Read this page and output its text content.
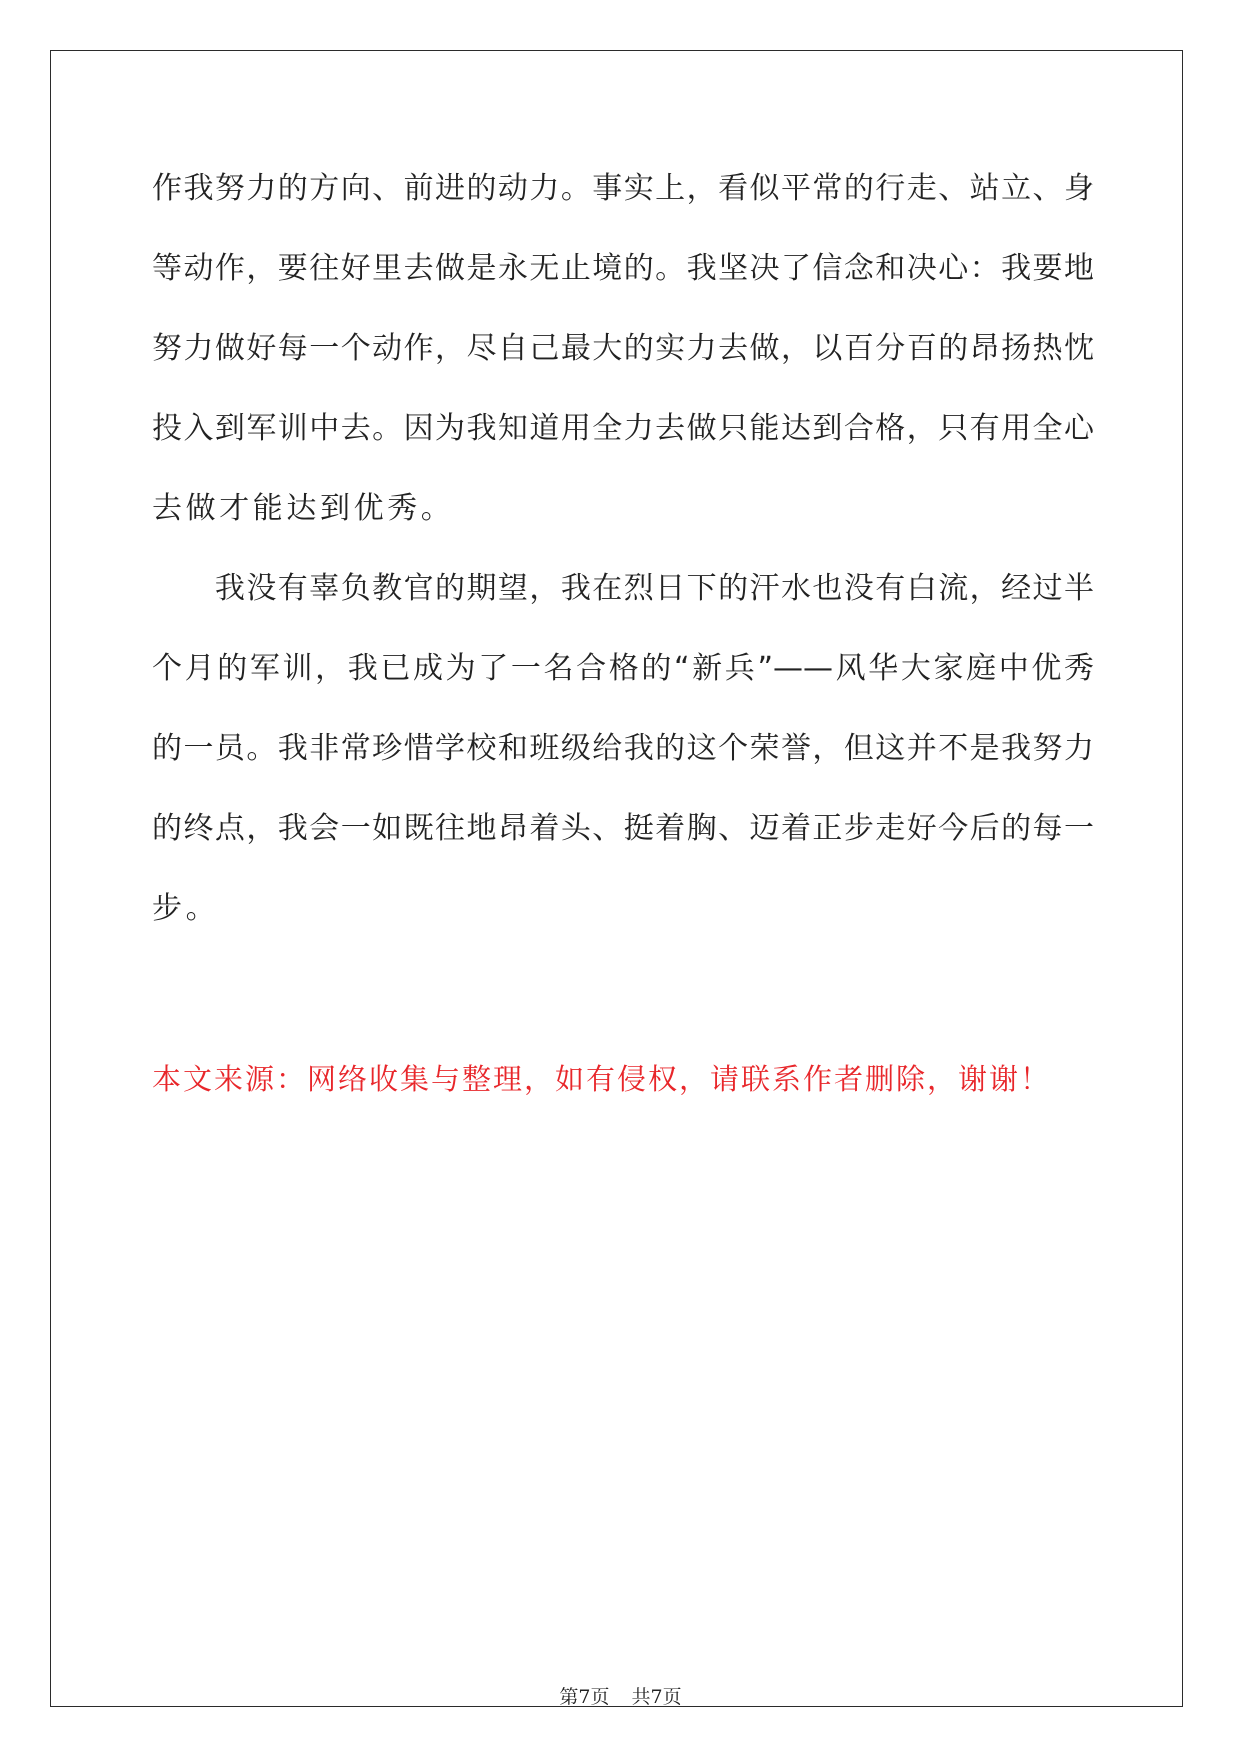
作我努力的方向、前进的动力。事实上，看似平常的行走、站立、身
等动作，要往好里去做是永无止境的。我坚决了信念和决心：我要地
努力做好每一个动作，尽自己最大的实力去做，以百分百的昂扬热忱
投入到军训中去。因为我知道用全力去做只能达到合格，只有用全心
去做才能达到优秀。
　　我没有辜负教官的期望，我在烈日下的汗水也没有白流，经过半
个月的军训，我已成为了一名合格的“新兵”——风华大家庭中优秀
的一员。我非常珍惜学校和班级给我的这个荣誉，但这并不是我努力
的终点，我会一如既往地昂着头、挺着胸、迈着正步走好今后的每一
步。
本文来源：网络收集与整理，如有侵权，请联系作者删除，谢谢！
第7页 共7页
